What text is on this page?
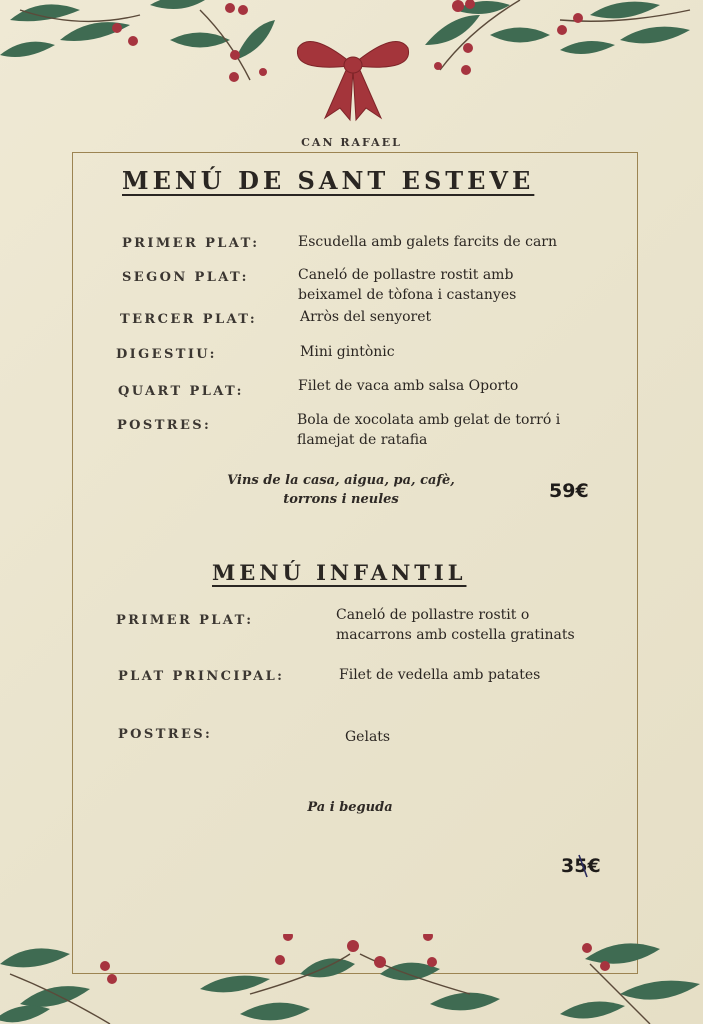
CAN RAFAEL
MENÚ DE SANT ESTEVE
PRIMER PLAT:	Escudella amb galets farcits de carn
SEGON PLAT:	Caneló de pollastre rostit amb
beixamel de tòfona i castanyes
TERCER PLAT:	Arròs del senyoret
DIGESTIU:	Mini gintònic
QUART PLAT:	Filet de vaca amb salsa Oporto
POSTRES:	Bola de xocolata amb gelat de torró i
flamejat de ratafia
Vins de la casa, aigua, pa, cafè,
torrons i neules	59€
MENÚ INFANTIL
PRIMER PLAT:	Caneló de pollastre rostit o
macarrons amb costella gratinats
PLAT PRINCIPAL:	Filet de vedella amb patates
POSTRES:	Gelats
Pa i beguda
35€
